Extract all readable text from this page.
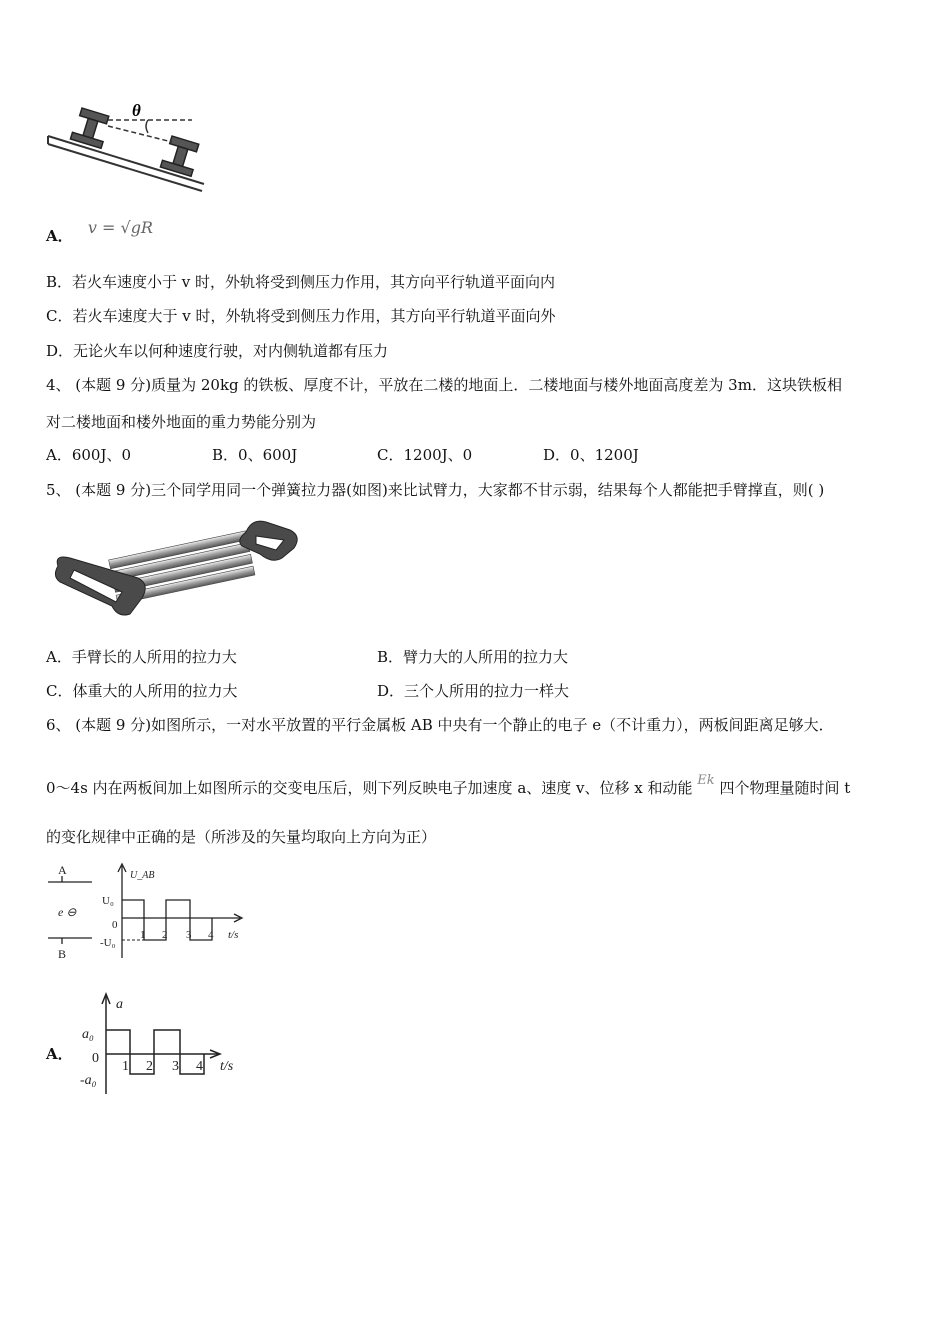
θ
A． v = √gR
B．若火车速度小于 v 时，外轨将受到侧压力作用，其方向平行轨道平面向内
C．若火车速度大于 v 时，外轨将受到侧压力作用，其方向平行轨道平面向外
D．无论火车以何种速度行驶，对内侧轨道都有压力
4、 (本题 9 分)质量为 20kg 的铁板、厚度不计，平放在二楼的地面上．二楼地面与楼外地面高度差为 3m．这块铁板相
对二楼地面和楼外地面的重力势能分别为
A．600J、0	B．0、600J	C．1200J、0	D．0、1200J
5、 (本题 9 分)三个同学用同一个弹簧拉力器(如图)来比试臂力，大家都不甘示弱，结果每个人都能把手臂撑直，则( )
A．手臂长的人所用的拉力大	B．臂力大的人所用的拉力大
C．体重大的人所用的拉力大	D．三个人所用的拉力一样大
6、 (本题 9 分)如图所示，一对水平放置的平行金属板 AB 中央有一个静止的电子 e（不计重力），两板间距离足够大．
0～4s 内在两板间加上如图所示的交变电压后，则下列反映电子加速度 a、速度 v、位移 x 和动能 Ek 四个物理量随时间 t
的变化规律中正确的是（所涉及的矢量均取向上方向为正）
A
B
e ⊖
U_AB
U₀
0
-U₀
1 2 3 4 t/s
A．
a
a₀
0
-a₀
1 2 3 4 t/s
